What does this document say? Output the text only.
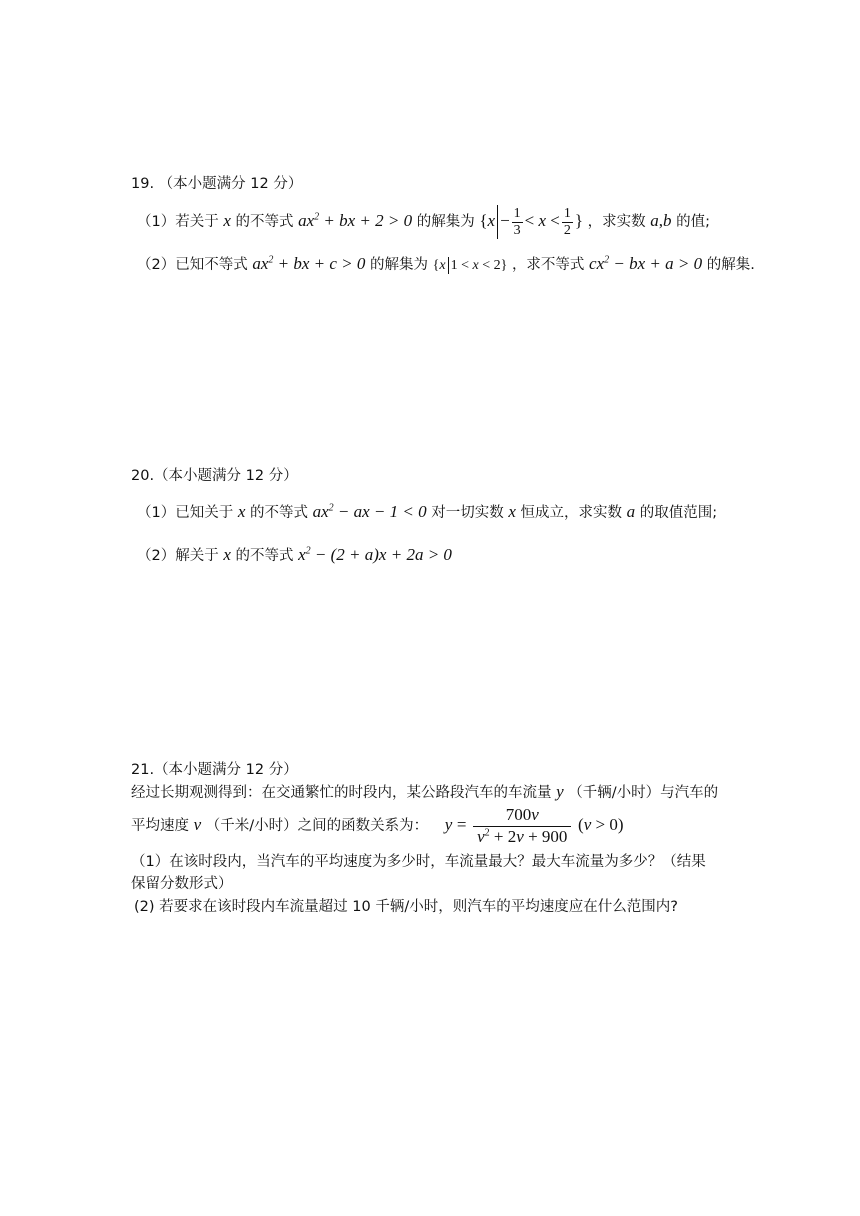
19. （本小题满分 12 分）
（1）若关于 x 的不等式 $ax^2$ + bx + 2 > 0 的解集为 {$x - \frac{1}{3} < x < \frac{1}{2}$ } ，求实数 a,b 的值;
（2）已知不等式 $ax^2$ + bx + c > 0 的解集为 {x 1 < x < 2} ，求不等式 $cx^2$ − bx + a > 0 的解集.
20.（本小题满分 12 分）
（1）已知关于 x 的不等式 $ax^2$ − ax − 1 < 0 对一切实数 x 恒成立，求实数 a 的取值范围;
（2）解关于 x 的不等式 $x^2 - (2 + a)x + 2a > 0$
21.（本小题满分 12 分）
经过长期观测得到：在交通繁忙的时段内，某公路段汽车的车流量 y （千辆/小时）与汽车的
平均速度 v （千米/小时）之间的函数关系为： $y = \frac{700v}{v^2 + 2v + 900} (v > 0)$
（1）在该时段内，当汽车的平均速度为多少时，车流量最大？最大车流量为多少？（结果
保留分数形式）
(2) 若要求在该时段内车流量超过 10 千辆/小时，则汽车的平均速度应在什么范围内?
